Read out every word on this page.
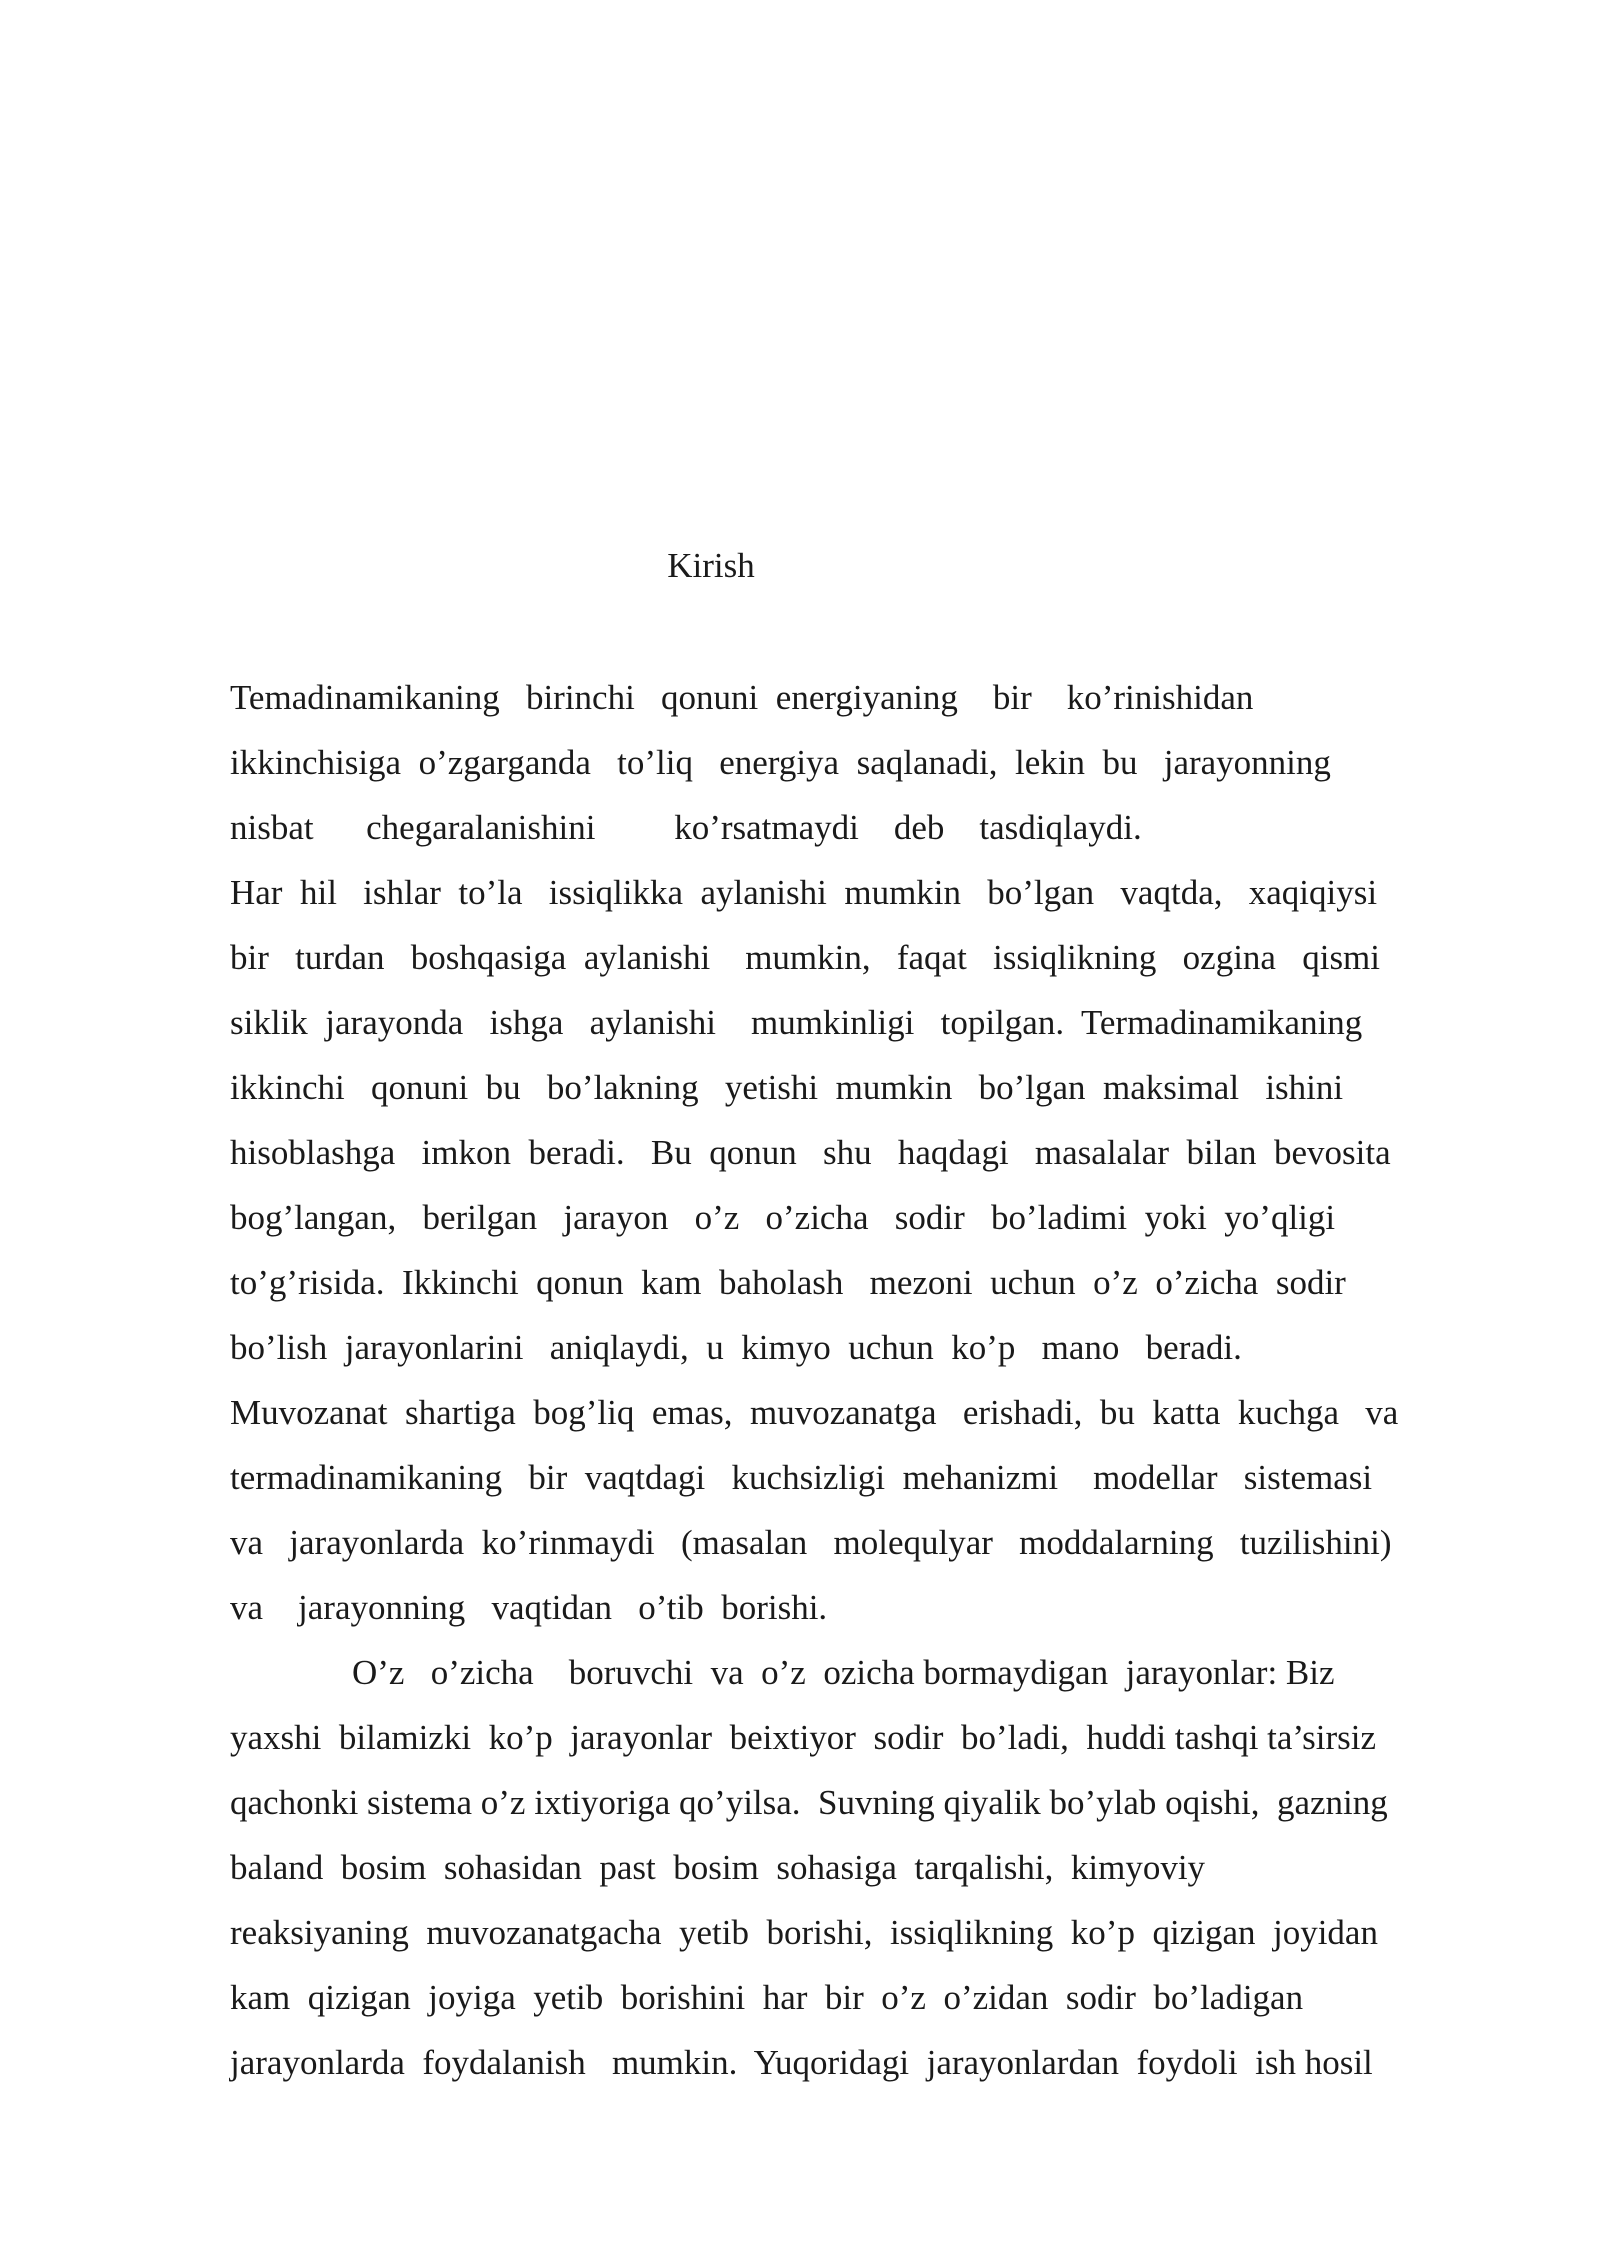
Kirish
Temadinamikaning   birinchi   qonuni  energiyaning    bir    ko’rinishidan
ikkinchisiga  o’zgarganda   to’liq   energiya  saqlanadi,  lekin  bu   jarayonning
nisbat      chegaralanishini         ko’rsatmaydi    deb    tasdiqlaydi.
Har  hil   ishlar  to’la   issiqlikka  aylanishi  mumkin   bo’lgan   vaqtda,   xaqiqiysi
bir   turdan   boshqasiga  aylanishi    mumkin,   faqat   issiqlikning   ozgina   qismi
siklik  jarayonda   ishga   aylanishi    mumkinligi   topilgan.  Termadinamikaning
ikkinchi   qonuni  bu   bo’lakning   yetishi  mumkin   bo’lgan  maksimal   ishini
hisoblashga   imkon  beradi.   Bu  qonun   shu   haqdagi   masalalar  bilan  bevosita
bog’langan,   berilgan   jarayon   o’z   o’zicha   sodir   bo’ladimi  yoki  yo’qligi
to’g’risida.  Ikkinchi  qonun  kam  baholash   mezoni  uchun  o’z  o’zicha  sodir
bo’lish  jarayonlarini   aniqlaydi,  u  kimyo  uchun  ko’p   mano   beradi.
Muvozanat  shartiga  bog’liq  emas,  muvozanatga   erishadi,  bu  katta  kuchga   va
termadinamikaning   bir  vaqtdagi   kuchsizligi  mehanizmi    modellar   sistemasi
va   jarayonlarda  ko’rinmaydi   (masalan   molequlyar   moddalarning   tuzilishini)
va    jarayonning   vaqtidan   o’tib  borishi.
O’z   o’zicha    boruvchi  va  o’z  ozicha bormaydigan  jarayonlar: Biz
yaxshi  bilamizki  ko’p  jarayonlar  beixtiyor  sodir  bo’ladi,  huddi tashqi ta’sirsiz
qachonki sistema o’z ixtiyoriga qo’yilsa.  Suvning qiyalik bo’ylab oqishi,  gazning
baland  bosim  sohasidan  past  bosim  sohasiga  tarqalishi,  kimyoviy
reaksiyaning  muvozanatgacha  yetib  borishi,  issiqlikning  ko’p  qizigan  joyidan
kam  qizigan  joyiga  yetib  borishini  har  bir  o’z  o’zidan  sodir  bo’ladigan
jarayonlarda  foydalanish   mumkin.  Yuqoridagi  jarayonlardan  foydoli  ish hosil
